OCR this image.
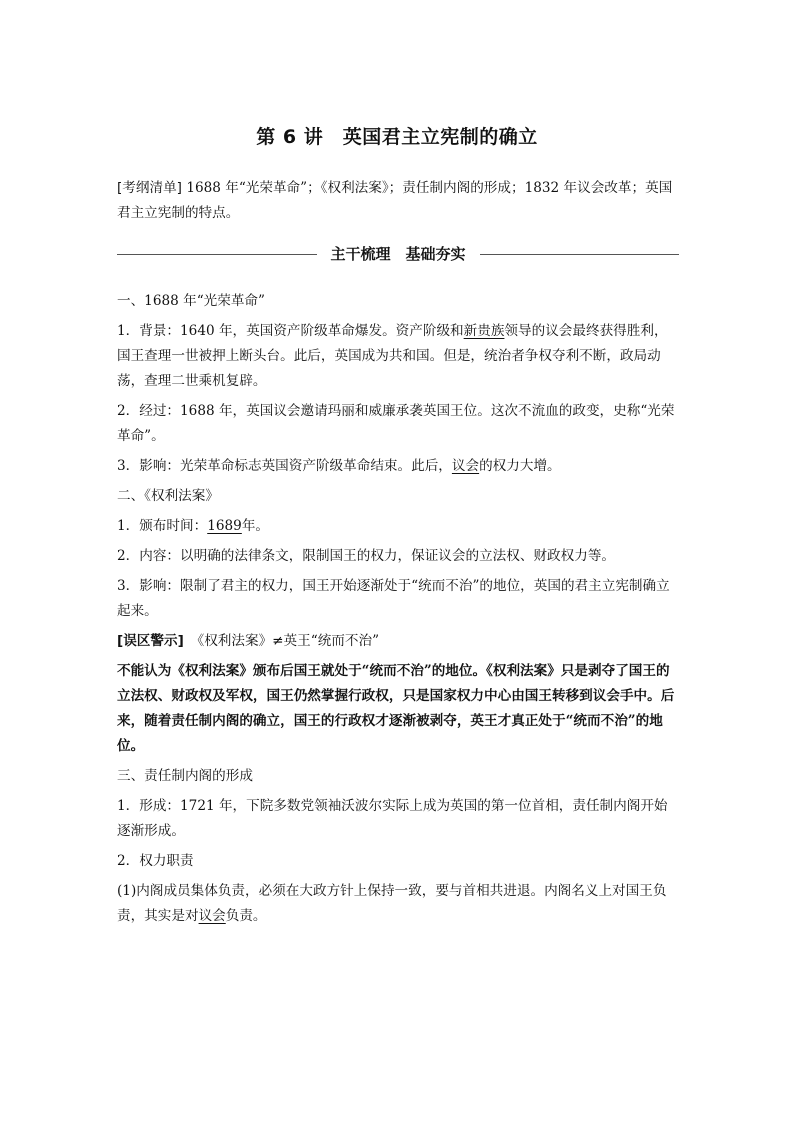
第 6 讲　英国君主立宪制的确立

[考纲清单] 1688 年“光荣革命”；《权利法案》；责任制内阁的形成；1832 年议会改革；英国君主立宪制的特点。

主干梳理　基础夯实

一、1688 年“光荣革命”

1．背景：1640 年，英国资产阶级革命爆发。资产阶级和新贵族领导的议会最终获得胜利，国王查理一世被押上断头台。此后，英国成为共和国。但是，统治者争权夺利不断，政局动荡，查理二世乘机复辟。

2．经过：1688 年，英国议会邀请玛丽和威廉承袭英国王位。这次不流血的政变，史称“光荣革命”。

3．影响：光荣革命标志英国资产阶级革命结束。此后，议会的权力大增。

二、《权利法案》

1．颁布时间：1689年。

2．内容：以明确的法律条文，限制国王的权力，保证议会的立法权、财政权力等。

3．影响：限制了君主的权力，国王开始逐渐处于“统而不治”的地位，英国的君主立宪制确立起来。

[误区警示]　 《权利法案》≠英王“统而不治”

不能认为《权利法案》颁布后国王就处于“统而不治”的地位。《权利法案》只是剥夺了国王的立法权、财政权及军权，国王仍然掌握行政权，只是国家权力中心由国王转移到议会手中。后来，随着责任制内阁的确立，国王的行政权才逐渐被剥夺，英王才真正处于“统而不治”的地位。

三、责任制内阁的形成

1．形成：1721 年，下院多数党领袖沃波尔实际上成为英国的第一位首相，责任制内阁开始逐渐形成。

2．权力职责

(1)内阁成员集体负责，必须在大政方针上保持一致，要与首相共进退。内阁名义上对国王负责，其实是对议会负责。
